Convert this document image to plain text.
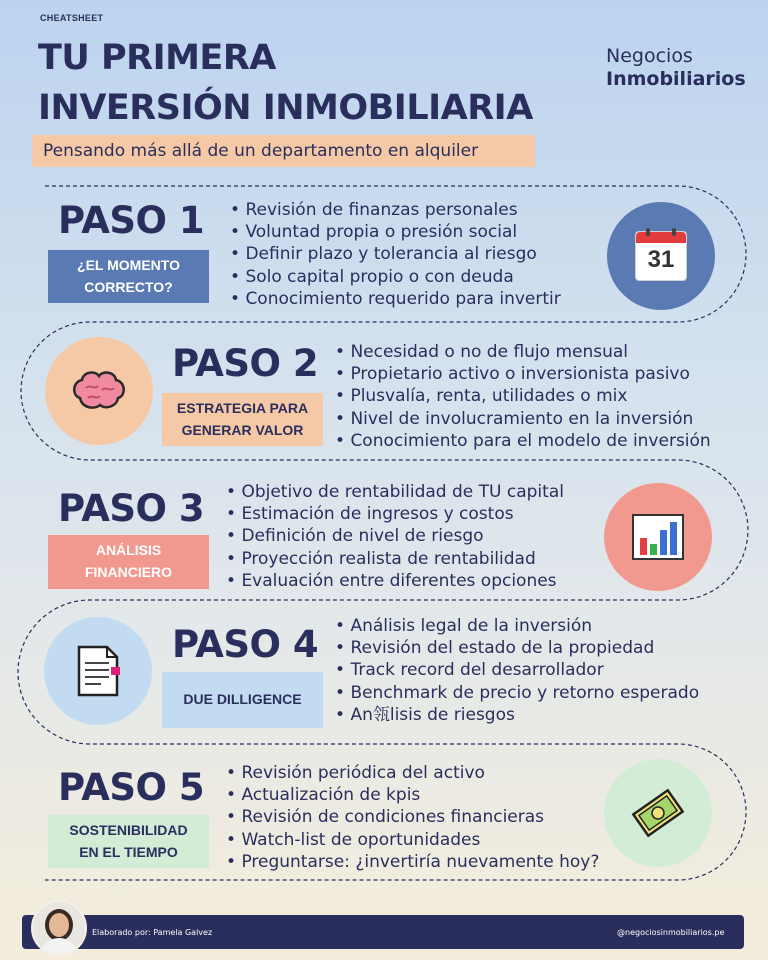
CHEATSHEET
TU PRIMERA
INVERSIÓN INMOBILIARIA
Negocios
Inmobiliarios
Pensando más allá de un departamento en alquiler
PASO 1
¿EL MOMENTO
CORRECTO?
• Revisión de finanzas personales
• Voluntad propia o presión social
• Definir plazo y tolerancia al riesgo
• Solo capital propio o con deuda
• Conocimiento requerido para invertir
31
PASO 2
ESTRATEGIA PARA
GENERAR VALOR
• Necesidad o no de flujo mensual
• Propietario activo o inversionista pasivo
• Plusvalía, renta, utilidades o mix
• Nivel de involucramiento en la inversión
• Conocimiento para el modelo de inversión
PASO 3
ANÁLISIS
FINANCIERO
• Objetivo de rentabilidad de TU capital
• Estimación de ingresos y costos
• Definición de nivel de riesgo
• Proyección realista de rentabilidad
• Evaluación entre diferentes opciones
PASO 4
DUE DILLIGENCE
• Análisis legal de la inversión
• Revisión del estado de la propiedad
• Track record del desarrollador
• Benchmark de precio y retorno esperado
• An瓴lisis de riesgos
PASO 5
SOSTENIBILIDAD
EN EL TIEMPO
• Revisión periódica del activo
• Actualización de kpis
• Revisión de condiciones financieras
• Watch-list de oportunidades
• Preguntarse: ¿invertiría nuevamente hoy?
Elaborado por: Pamela Galvez	@negociosinmobiliarios.pe
